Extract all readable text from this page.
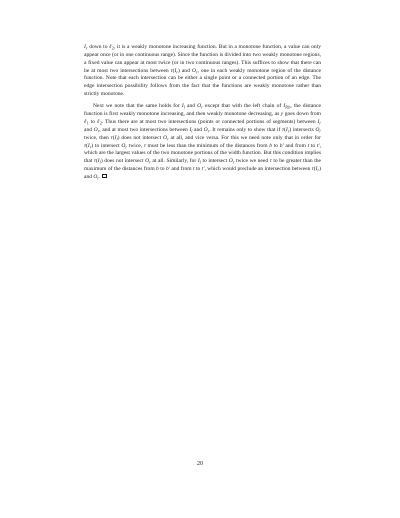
$I_r$ down to ℓ$_2$, it is a weakly monotone increasing function. But in a monotone function, a value can only appear once (or in one continuous range). Since the function is divided into two weakly monotone regions, a fixed value can appear at most twice (or in two continuous ranges). This suffices to show that there can be at most two intersections between $\tau(I_r)$ and $O_r$, one in each weakly monotone region of the distance function. Note that each intersection can be either a single point or a connected portion of an edge. The edge intersection possibility follows from the fact that the functions are weakly monotone rather than strictly monotone.

Next we note that the same holds for $I_l$ and $O_r$ except that with the left chain of $I_{P,b}$, the distance function is first weakly monotone increasing, and then weakly monotone decreasing, as y goes down from ℓ$_1$ to ℓ$_2$. Thus there are at most two intersections (points or connected portions of segments) between $I_r$ and $O_r$, and at most two intersections between $I_l$ and $O_r$. It remains only to show that if $\tau(I_r)$ intersects $O_r$ twice, then $\tau(I_l)$ does not intersect $O_r$ at all, and vice versa. For this we need note only that in order for $\tau(I_r)$ to intersect $O_r$ twice, τ must be less than the minimum of the distances from b to b′ and from t to t′, which are the largest values of the two monotone portions of the width function. But this condition implies that $\tau(I_l)$ does not intersect $O_r$ at all. Similarly, for $I_l$ to intersect $O_r$ twice we need τ to be greater than the maximum of the distances from b to b′ and from t to t′, which would preclude an intersection between $\tau(I_r)$ and $O_r$.

20
